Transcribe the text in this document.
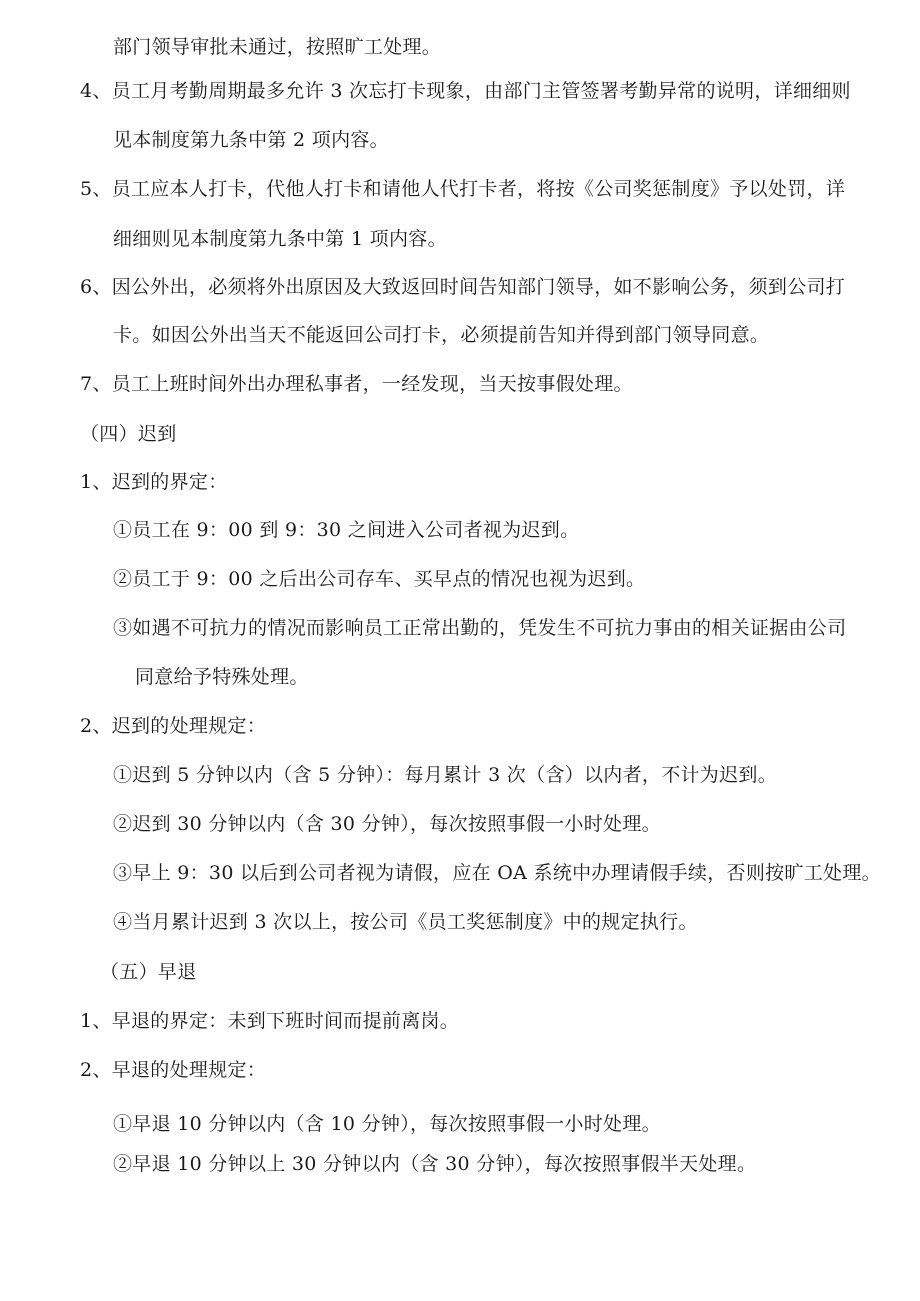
部门领导审批未通过，按照旷工处理。
4、员工月考勤周期最多允许 3 次忘打卡现象，由部门主管签署考勤异常的说明，详细细则
见本制度第九条中第 2 项内容。
5、员工应本人打卡，代他人打卡和请他人代打卡者，将按《公司奖惩制度》予以处罚，详
细细则见本制度第九条中第 1 项内容。
6、因公外出，必须将外出原因及大致返回时间告知部门领导，如不影响公务，须到公司打
卡。如因公外出当天不能返回公司打卡，必须提前告知并得到部门领导同意。
7、员工上班时间外出办理私事者，一经发现，当天按事假处理。
（四）迟到
1、迟到的界定：
①员工在 9：00 到 9：30 之间进入公司者视为迟到。
②员工于 9：00 之后出公司存车、买早点的情况也视为迟到。
③如遇不可抗力的情况而影响员工正常出勤的，凭发生不可抗力事由的相关证据由公司
同意给予特殊处理。
2、迟到的处理规定：
①迟到 5 分钟以内（含 5 分钟）：每月累计 3 次（含）以内者，不计为迟到。
②迟到 30 分钟以内（含 30 分钟），每次按照事假一小时处理。
③早上 9：30 以后到公司者视为请假，应在 OA 系统中办理请假手续，否则按旷工处理。
④当月累计迟到 3 次以上，按公司《员工奖惩制度》中的规定执行。
（五）早退
1、早退的界定：未到下班时间而提前离岗。
2、早退的处理规定：
①早退 10 分钟以内（含 10 分钟），每次按照事假一小时处理。
②早退 10 分钟以上 30 分钟以内（含 30 分钟），每次按照事假半天处理。
